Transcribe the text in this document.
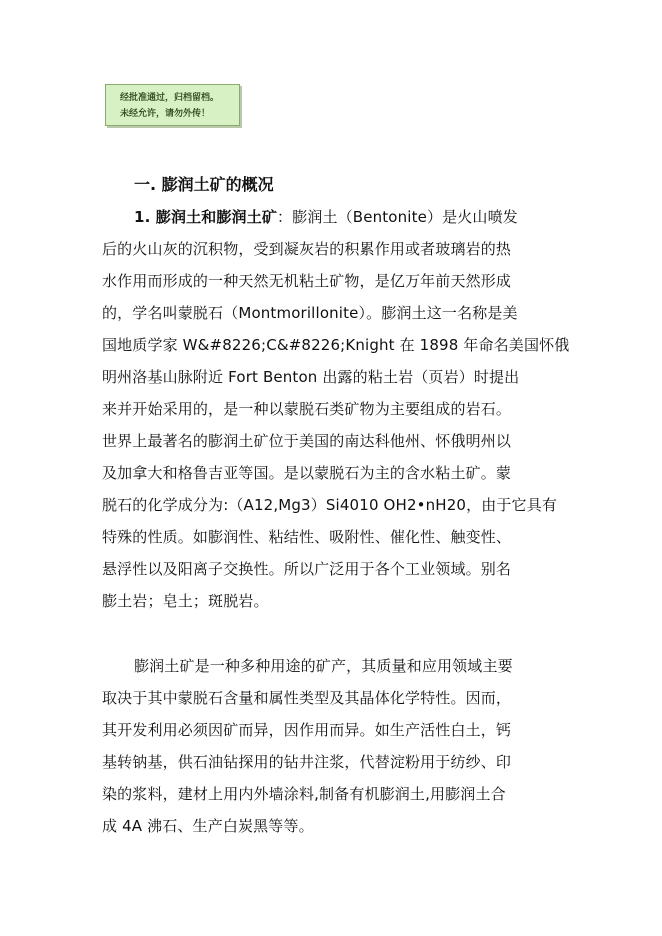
经批准通过，归档留档。
未经允许，请勿外传！
一. 膨润土矿的概况
1. 膨润土和膨润土矿：膨润土（Bentonite）是火山喷发
后的火山灰的沉积物，受到凝灰岩的积累作用或者玻璃岩的热
水作用而形成的一种天然无机粘土矿物，是亿万年前天然形成
的，学名叫蒙脱石（Montmorillonite）。膨润土这一名称是美
国地质学家 W&#8226;C&#8226;Knight 在 1898 年命名美国怀俄
明州洛基山脉附近 Fort Benton 出露的粘土岩（页岩）时提出
来并开始采用的，是一种以蒙脱石类矿物为主要组成的岩石。
世界上最著名的膨润土矿位于美国的南达科他州、怀俄明州以
及加拿大和格鲁吉亚等国。是以蒙脱石为主的含水粘土矿。蒙
脱石的化学成分为:（A12,Mg3）Si4010 OH2•nH20，由于它具有
特殊的性质。如膨润性、粘结性、吸附性、催化性、触变性、
悬浮性以及阳离子交换性。所以广泛用于各个工业领域。别名
膨土岩；皂土；斑脱岩。
膨润土矿是一种多种用途的矿产，其质量和应用领域主要
取决于其中蒙脱石含量和属性类型及其晶体化学特性。因而，
其开发利用必须因矿而异，因作用而异。如生产活性白土，钙
基转钠基，供石油钻探用的钻井注浆，代替淀粉用于纺纱、印
染的浆料，建材上用内外墙涂料,制备有机膨润土,用膨润土合
成 4A 沸石、生产白炭黑等等。
